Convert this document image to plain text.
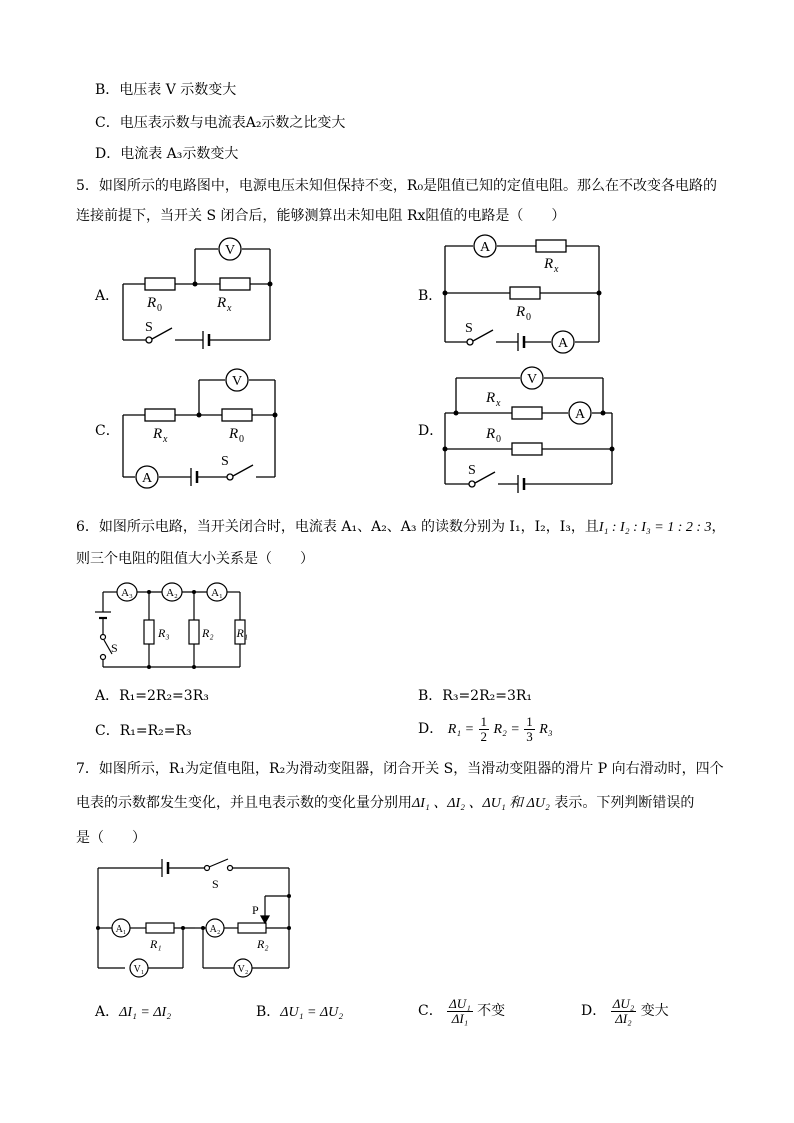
B．电压表 V 示数变大
C．电压表示数与电流表A₂示数之比变大
D．电流表 A₃示数变大
5．如图所示的电路图中，电源电压未知但保持不变，R₀是阻值已知的定值电阻。那么在不改变各电路的
连接前提下，当开关 S 闭合后，能够测算出未知电阻 Rx阻值的电路是（　　）
A．	B．
C．	D．
V
R 0	R x
S
A
A
R x
R 0
S
V
A
R x	R 0
S
V
A
R x
R 0
S
6．如图所示电路，当开关闭合时，电流表 A₁、A₂、A₃ 的读数分别为 I₁，I₂，I₃，且I₁ : I₂ : I₃ = 1 : 2 : 3，
则三个电阻的阻值大小关系是（　　）
A₃	A₂	A₁
R₃	R₂ R₁
S
A．R₁=2R₂=3R₃	B．R₃=2R₂=3R₁
C．R₁=R₂=R₃	D． $R_1 = \frac{1}{2} R_2 = \frac{1}{3} R_3$
7．如图所示，R₁为定值电阻，R₂为滑动变阻器，闭合开关 S，当滑动变阻器的滑片 P 向右滑动时，四个
电表的示数都发生变化，并且电表示数的变化量分别用ΔI₁ 、ΔI₂ 、ΔU₁ 和 ΔU₂ 表示。下列判断错误的
是（　　）
S
P
A₁	A₂
R₁	R₂
V₁	V₂
A．ΔI₁ = ΔI₂	B．ΔU₁ = ΔU₂	C． $\frac{\text{ΔU₁}}{\text{ΔI₁}}$ 不变	D． $\frac{\text{ΔU₂}}{\text{ΔI₂}}$ 变大
